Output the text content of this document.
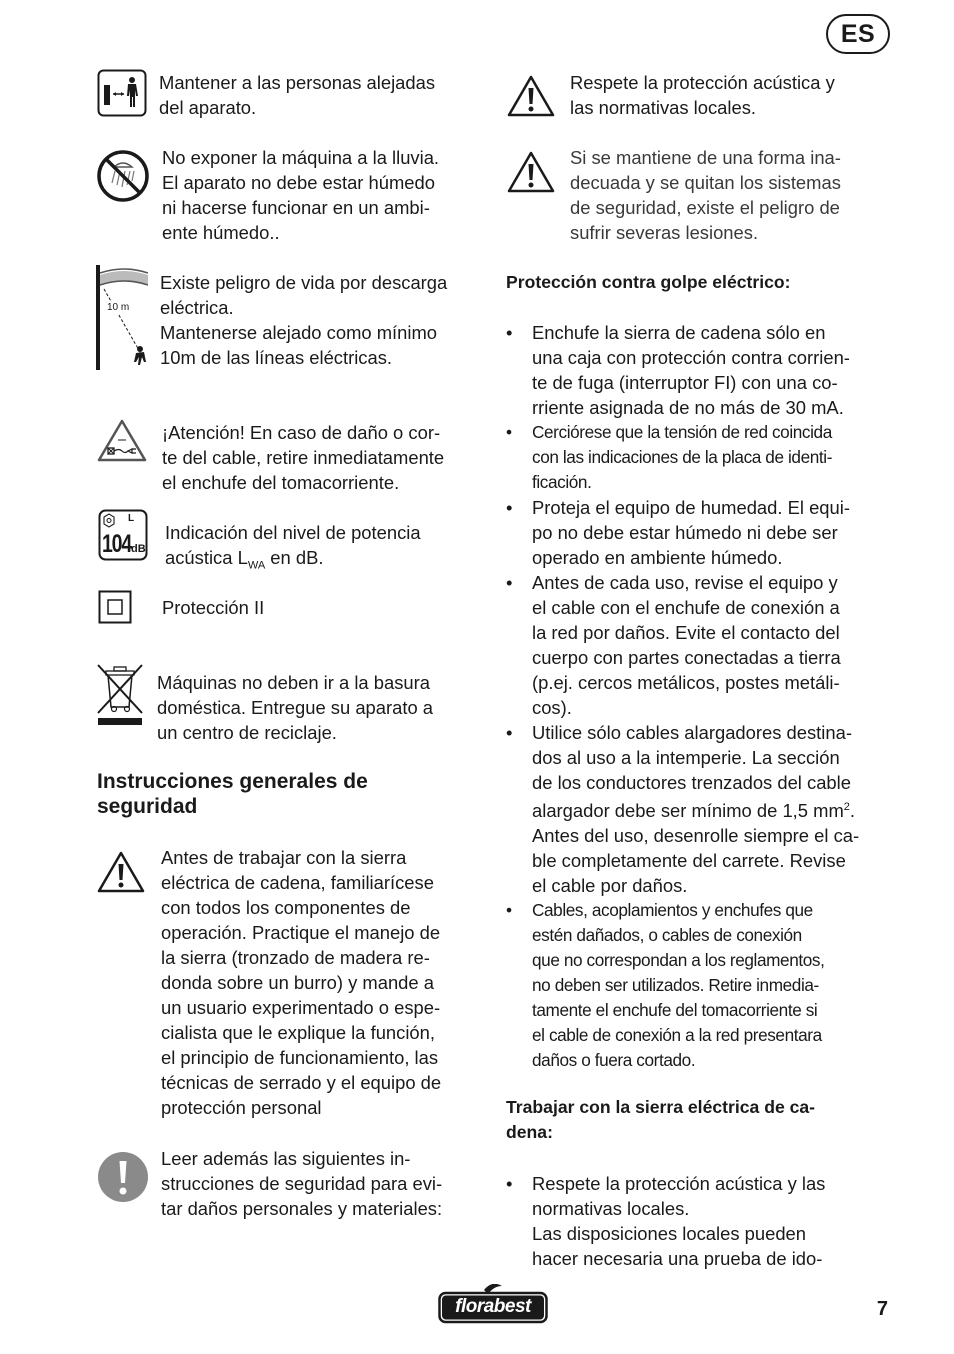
ES
Mantener a las personas alejadas
del aparato.
No exponer la máquina a la lluvia.
El aparato no debe estar húmedo
ni hacerse funcionar en un ambi-
ente húmedo..
10 m
Existe peligro de vida por descarga
eléctrica.
Mantenerse alejado como mínimo
10m de las líneas eléctricas.
¡Atención! En caso de daño o cor-
te del cable, retire inmediatamente
el enchufe del tomacorriente.
L
104 dB
Indicación del nivel de potencia
acústica $L_{WA}$ en dB.
Protección II
Máquinas no deben ir a la basura
doméstica. Entregue su aparato a
un centro de reciclaje.
Instrucciones generales de
seguridad
Antes de trabajar con la sierra
eléctrica de cadena, familiarícese
con todos los componentes de
operación. Practique el manejo de
la sierra (tronzado de madera re-
donda sobre un burro) y mande a
un usuario experimentado o espe-
cialista que le explique la función,
el principio de funcionamiento, las
técnicas de serrado y el equipo de
protección personal
Leer además las siguientes in-
strucciones de seguridad para evi-
tar daños personales y materiales:
Respete la protección acústica y
las normativas locales.
Si se mantiene de una forma ina-
decuada y se quitan los sistemas
de seguridad, existe el peligro de
sufrir severas lesiones.
Protección contra golpe eléctrico:
• Enchufe la sierra de cadena sólo en
una caja con protección contra corrien-
te de fuga (interruptor FI) con una co-
rriente asignada de no más de 30 mA.
• Cerciórese que la tensión de red coincida
con las indicaciones de la placa de identi-
ficación.
• Proteja el equipo de humedad. El equi-
po no debe estar húmedo ni debe ser
operado en ambiente húmedo.
• Antes de cada uso, revise el equipo y
el cable con el enchufe de conexión a
la red por daños. Evite el contacto del
cuerpo con partes conectadas a tierra
(p.ej. cercos metálicos, postes metáli-
cos).
• Utilice sólo cables alargadores destina-
dos al uso a la intemperie. La sección
de los conductores trenzados del cable
alargador debe ser mínimo de 1,5 $mm^2$.
Antes del uso, desenrolle siempre el ca-
ble completamente del carrete. Revise
el cable por daños.
• Cables, acoplamientos y enchufes que
estén dañados, o cables de conexión
que no correspondan a los reglamentos,
no deben ser utilizados. Retire inmedia-
tamente el enchufe del tomacorriente si
el cable de conexión a la red presentara
daños o fuera cortado.
Trabajar con la sierra eléctrica de ca-
dena:
• Respete la protección acústica y las
normativas locales.
Las disposiciones locales pueden
hacer necesaria una prueba de ido-
florabest	7
